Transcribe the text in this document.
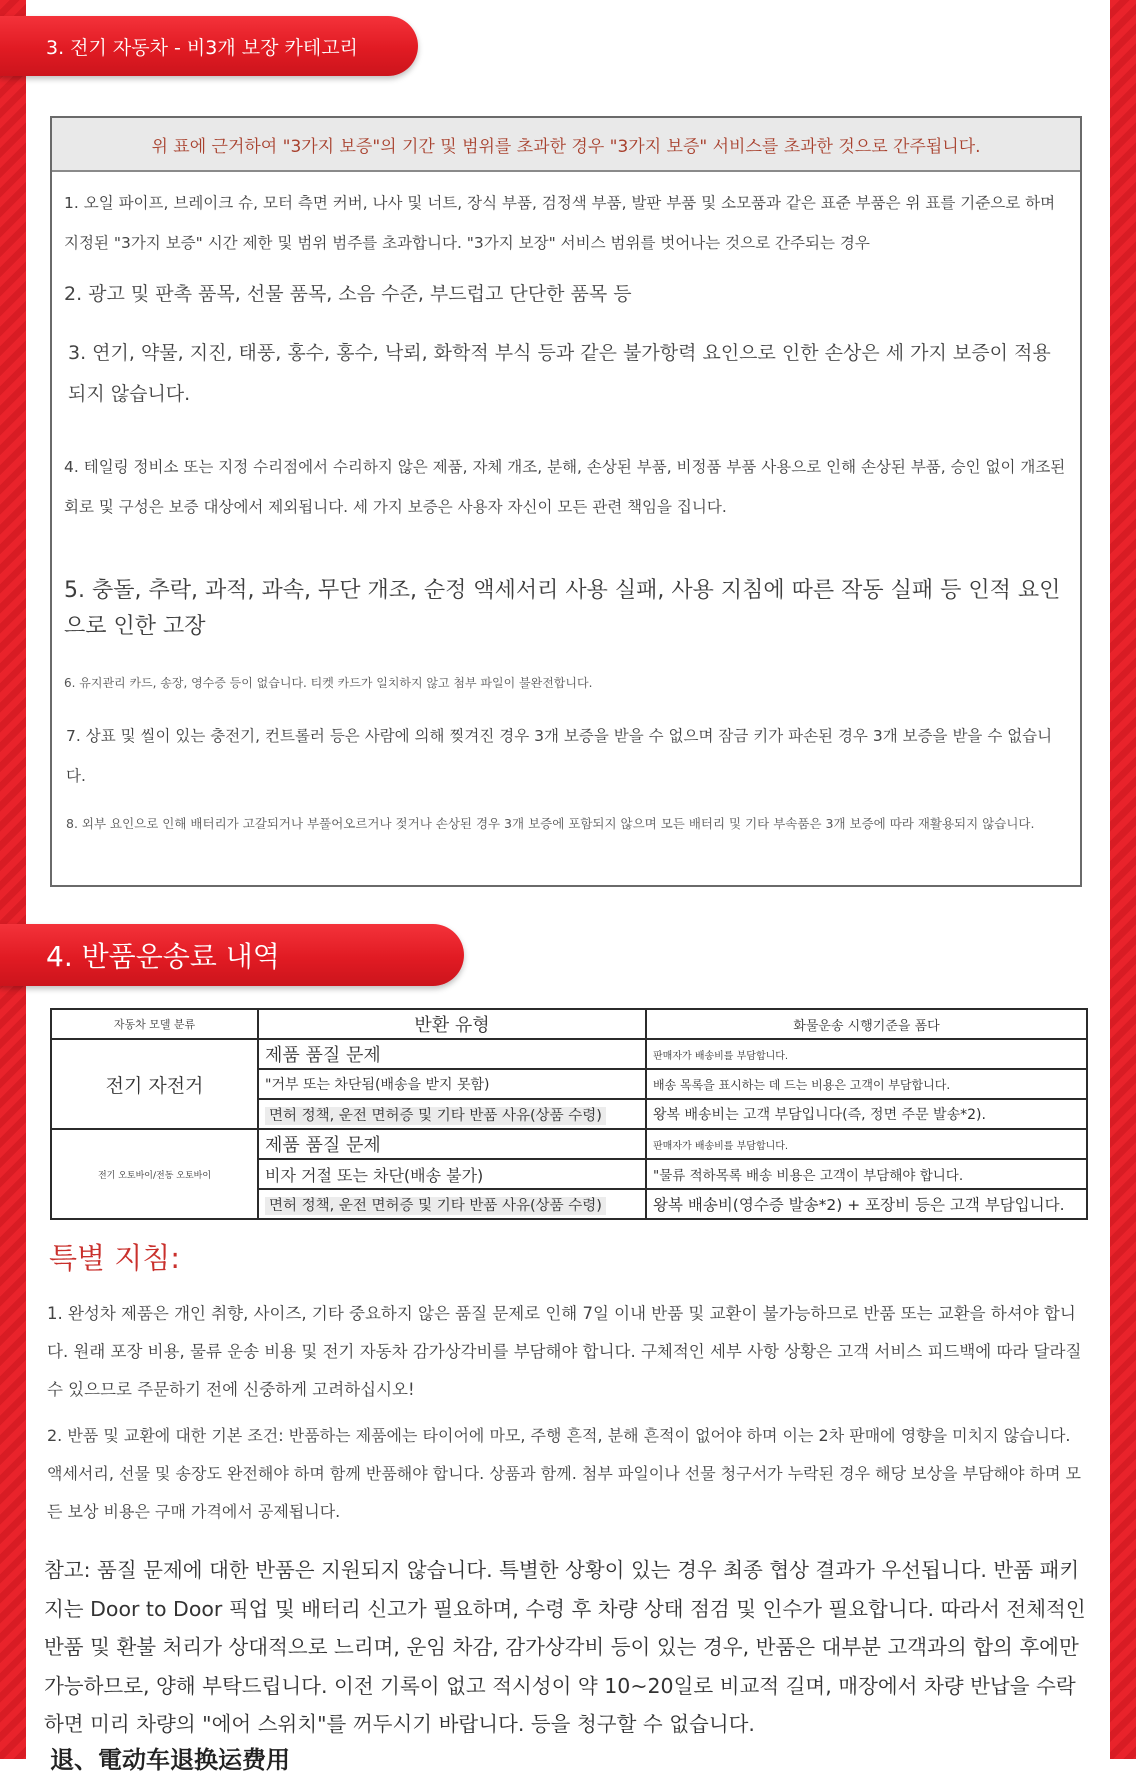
3. 전기 자동차 - 비3개 보장 카테고리
위 표에 근거하여 "3가지 보증"의 기간 및 범위를 초과한 경우 "3가지 보증" 서비스를 초과한 것으로 간주됩니다.

1. 오일 파이프, 브레이크 슈, 모터 측면 커버, 나사 및 너트, 장식 부품, 검정색 부품, 발판 부품 및 소모품과 같은 표준 부품은 위 표를 기준으로 하며 지정된 "3가지 보증" 시간 제한 및 범위 범주를 초과합니다. "3가지 보장" 서비스 범위를 벗어나는 것으로 간주되는 경우

2. 광고 및 판촉 품목, 선물 품목, 소음 수준, 부드럽고 단단한 품목 등

3. 연기, 약물, 지진, 태풍, 홍수, 홍수, 낙뢰, 화학적 부식 등과 같은 불가항력 요인으로 인한 손상은 세 가지 보증이 적용되지 않습니다.

4. 테일링 정비소 또는 지정 수리점에서 수리하지 않은 제품, 자체 개조, 분해, 손상된 부품, 비정품 부품 사용으로 인해 손상된 부품, 승인 없이 개조된 회로 및 구성은 보증 대상에서 제외됩니다. 세 가지 보증은 사용자 자신이 모든 관련 책임을 집니다.

5. 충돌, 추락, 과적, 과속, 무단 개조, 순정 액세서리 사용 실패, 사용 지침에 따른 작동 실패 등 인적 요인으로 인한 고장

6. 유지관리 카드, 송장, 영수증 등이 없습니다. 티켓 카드가 일치하지 않고 첨부 파일이 불완전합니다.

7. 상표 및 씰이 있는 충전기, 컨트롤러 등은 사람에 의해 찢겨진 경우 3개 보증을 받을 수 없으며 잠금 키가 파손된 경우 3개 보증을 받을 수 없습니다.

8. 외부 요인으로 인해 배터리가 고갈되거나 부풀어오르거나 젖거나 손상된 경우 3개 보증에 포함되지 않으며 모든 배터리 및 기타 부속품은 3개 보증에 따라 재활용되지 않습니다.

4. 반품운송료 내역
자동차 모델 분류	반환 유형	화물운송 시행기준을 폼다
전기 자전거	제품 품질 문제	판매자가 배송비를 부담합니다.
	"거부 또는 차단됨(배송을 받지 못함)	배송 목록을 표시하는 데 드는 비용은 고객이 부담합니다.
	면허 정책, 운전 면허증 및 기타 반품 사유(상품 수령)	왕복 배송비는 고객 부담입니다(즉, 정면 주문 발송*2).
전기 오토바이/전동 오토바이	제품 품질 문제	판매자가 배송비를 부담합니다.
	비자 거절 또는 차단(배송 불가)	"물류 적하목록 배송 비용은 고객이 부담해야 합니다.
	면허 정책, 운전 면허증 및 기타 반품 사유(상품 수령)	왕복 배송비(영수증 발송*2) + 포장비 등은 고객 부담입니다.
특별 지침:

1. 완성차 제품은 개인 취향, 사이즈, 기타 중요하지 않은 품질 문제로 인해 7일 이내 반품 및 교환이 불가능하므로 반품 또는 교환을 하셔야 합니다. 원래 포장 비용, 물류 운송 비용 및 전기 자동차 감가상각비를 부담해야 합니다. 구체적인 세부 사항 상황은 고객 서비스 피드백에 따라 달라질 수 있으므로 주문하기 전에 신중하게 고려하십시오!

2. 반품 및 교환에 대한 기본 조건: 반품하는 제품에는 타이어에 마모, 주행 흔적, 분해 흔적이 없어야 하며 이는 2차 판매에 영향을 미치지 않습니다. 액세서리, 선물 및 송장도 완전해야 하며 함께 반품해야 합니다. 상품과 함께. 첨부 파일이나 선물 청구서가 누락된 경우 해당 보상을 부담해야 하며 모든 보상 비용은 구매 가격에서 공제됩니다.

참고: 품질 문제에 대한 반품은 지원되지 않습니다. 특별한 상황이 있는 경우 최종 협상 결과가 우선됩니다. 반품 패키지는 Door to Door 픽업 및 배터리 신고가 필요하며, 수령 후 차량 상태 점검 및 인수가 필요합니다. 따라서 전체적인 반품 및 환불 처리가 상대적으로 느리며, 운임 차감, 감가상각비 등이 있는 경우, 반품은 대부분 고객과의 합의 후에만 가능하므로, 양해 부탁드립니다. 이전 기록이 없고 적시성이 약 10~20일로 비교적 길며, 매장에서 차량 반납을 수락하면 미리 차량의 "에어 스위치"를 꺼두시기 바랍니다. 등을 청구할 수 없습니다.

退、電动车退换运费用
